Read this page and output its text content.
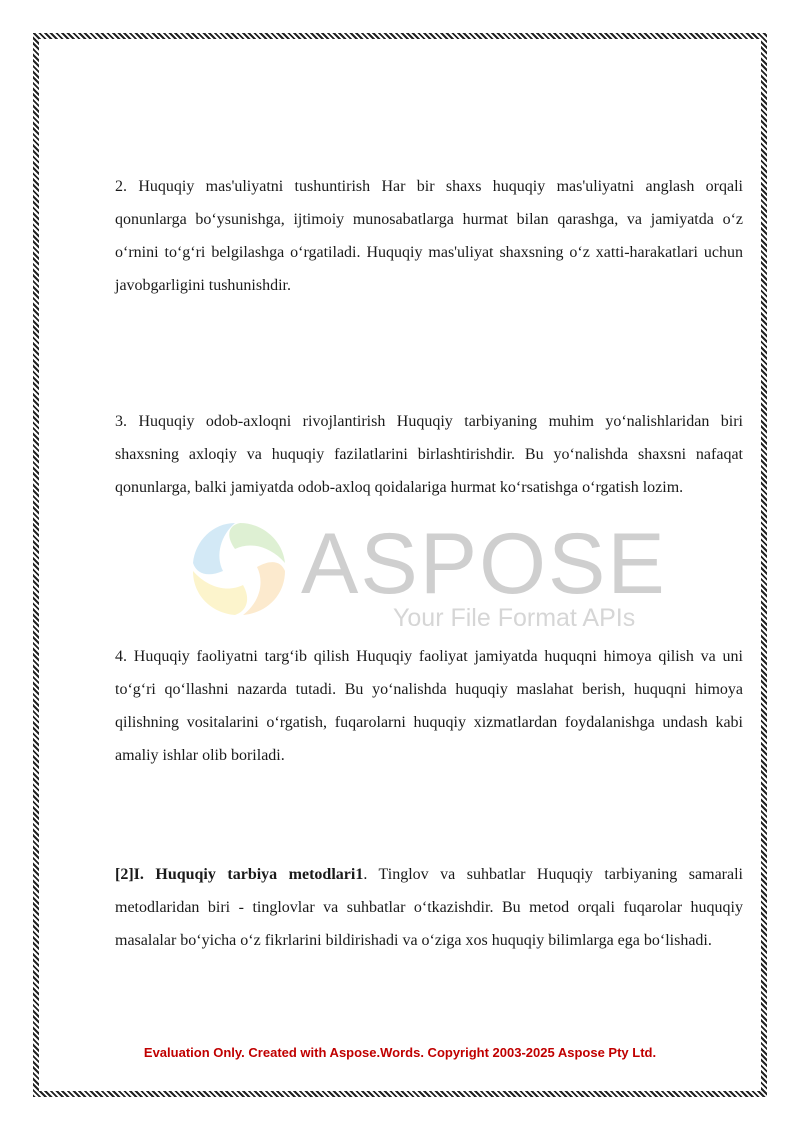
ASPOSE
Your File Format APIs

2. Huquqiy mas'uliyatni tushuntirish Har bir shaxs huquqiy mas'uliyatni anglash orqali qonunlarga bo‘ysunishga, ijtimoiy munosabatlarga hurmat bilan qarashga, va jamiyatda o‘z o‘rnini to‘g‘ri belgilashga o‘rgatiladi. Huquqiy mas'uliyat shaxsning o‘z xatti-harakatlari uchun javobgarligini tushunishdir.

3. Huquqiy odob-axloqni rivojlantirish Huquqiy tarbiyaning muhim yo‘nalishlaridan biri shaxsning axloqiy va huquqiy fazilatlarini birlashtirishdir. Bu yo‘nalishda shaxsni nafaqat qonunlarga, balki jamiyatda odob-axloq qoidalariga hurmat ko‘rsatishga o‘rgatish lozim.

4. Huquqiy faoliyatni targ‘ib qilish Huquqiy faoliyat jamiyatda huquqni himoya qilish va uni to‘g‘ri qo‘llashni nazarda tutadi. Bu yo‘nalishda huquqiy maslahat berish, huquqni himoya qilishning vositalarini o‘rgatish, fuqarolarni huquqiy xizmatlardan foydalanishga undash kabi amaliy ishlar olib boriladi.

[2]I. Huquqiy tarbiya metodlari1. Tinglov va suhbatlar Huquqiy tarbiyaning samarali metodlaridan biri - tinglovlar va suhbatlar o‘tkazishdir. Bu metod orqali fuqarolar huquqiy masalalar bo‘yicha o‘z fikrlarini bildirishadi va o‘ziga xos huquqiy bilimlarga ega bo‘lishadi.

Evaluation Only. Created with Aspose.Words. Copyright 2003-2025 Aspose Pty Ltd.
